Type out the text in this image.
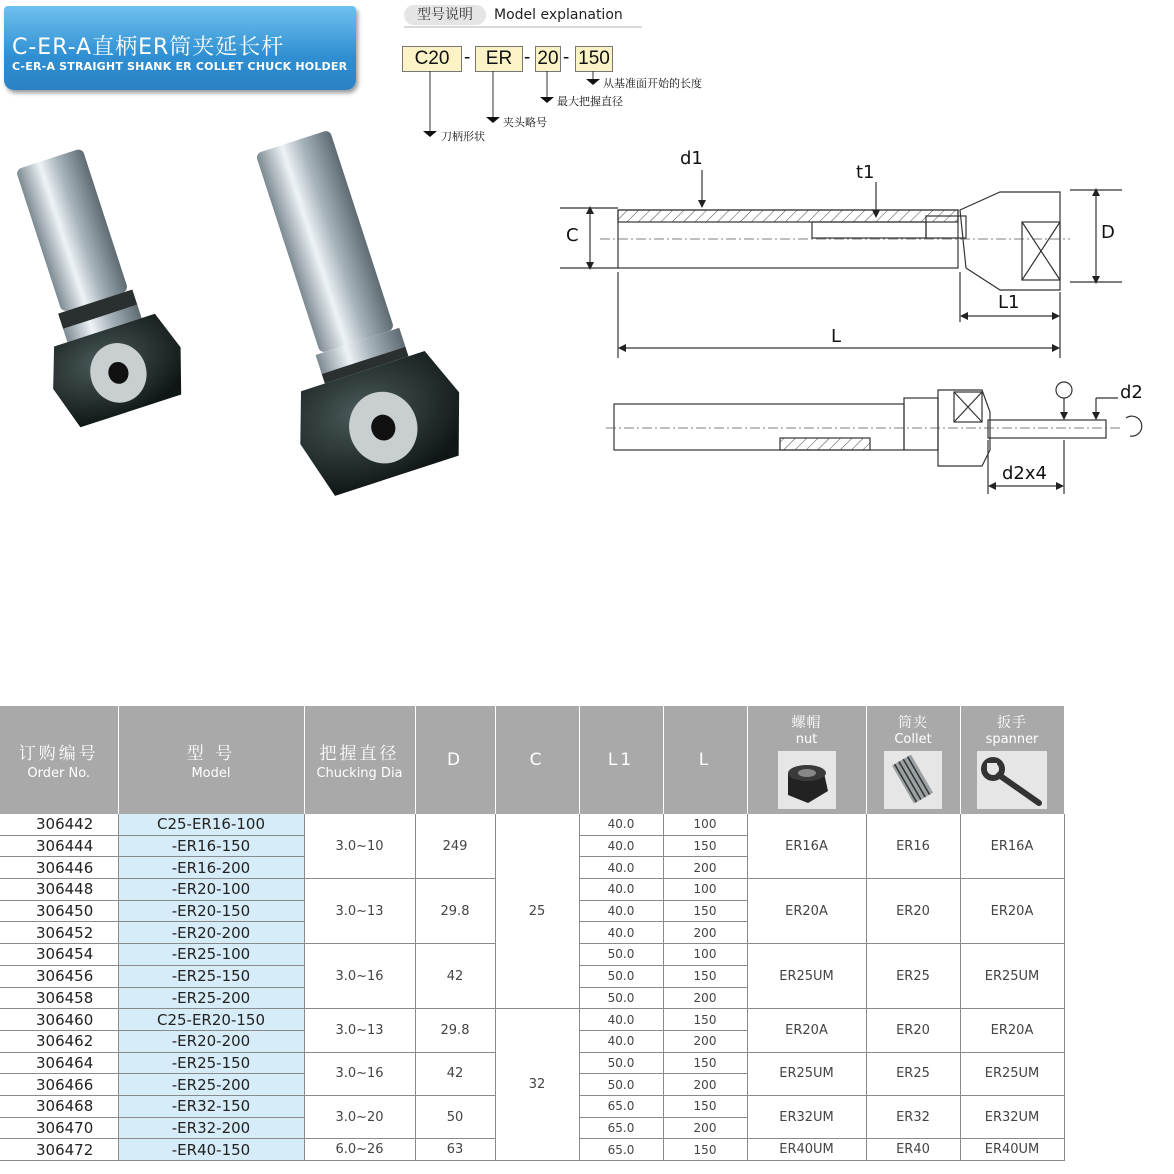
C-ER-A直柄ER筒夹延长杆
C-ER-A STRAIGHT SHANK ER COLLET CHUCK HOLDER
型号说明	Model explanation
C20 - ER - 20 - 150
从基准面开始的长度
最大把握直径
夹头略号
刀柄形状
d1
t1
C	D
L1
L
d2
d2x4
订购编号
Order No.	型 号
Model	把握直径
Chucking Dia	D	C	L1	L	螺帽
nut	筒夹
Collet	扳手
spanner

306442	C25-ER16-100	3.0~10	249	25	40.0	100	ER16A	ER16	ER16A
306444	-ER16-150				40.0	150			
306446	-ER16-200				40.0	200			
306448	-ER20-100	3.0~13	29.8		40.0	100	ER20A	ER20	ER20A
306450	-ER20-150				40.0	150			
306452	-ER20-200				40.0	200			
306454	-ER25-100	3.0~16	42		50.0	100	ER25UM	ER25	ER25UM
306456	-ER25-150				50.0	150			
306458	-ER25-200				50.0	200			
306460	C25-ER20-150	3.0~13	29.8	32	40.0	150	ER20A	ER20	ER20A
306462	-ER20-200				40.0	200			
306464	-ER25-150	3.0~16	42		50.0	150	ER25UM	ER25	ER25UM
306466	-ER25-200				50.0	200			
306468	-ER32-150	3.0~20	50		65.0	150	ER32UM	ER32	ER32UM
306470	-ER32-200				65.0	200			
306472	-ER40-150	6.0~26	63		65.0	150	ER40UM	ER40	ER40UM
